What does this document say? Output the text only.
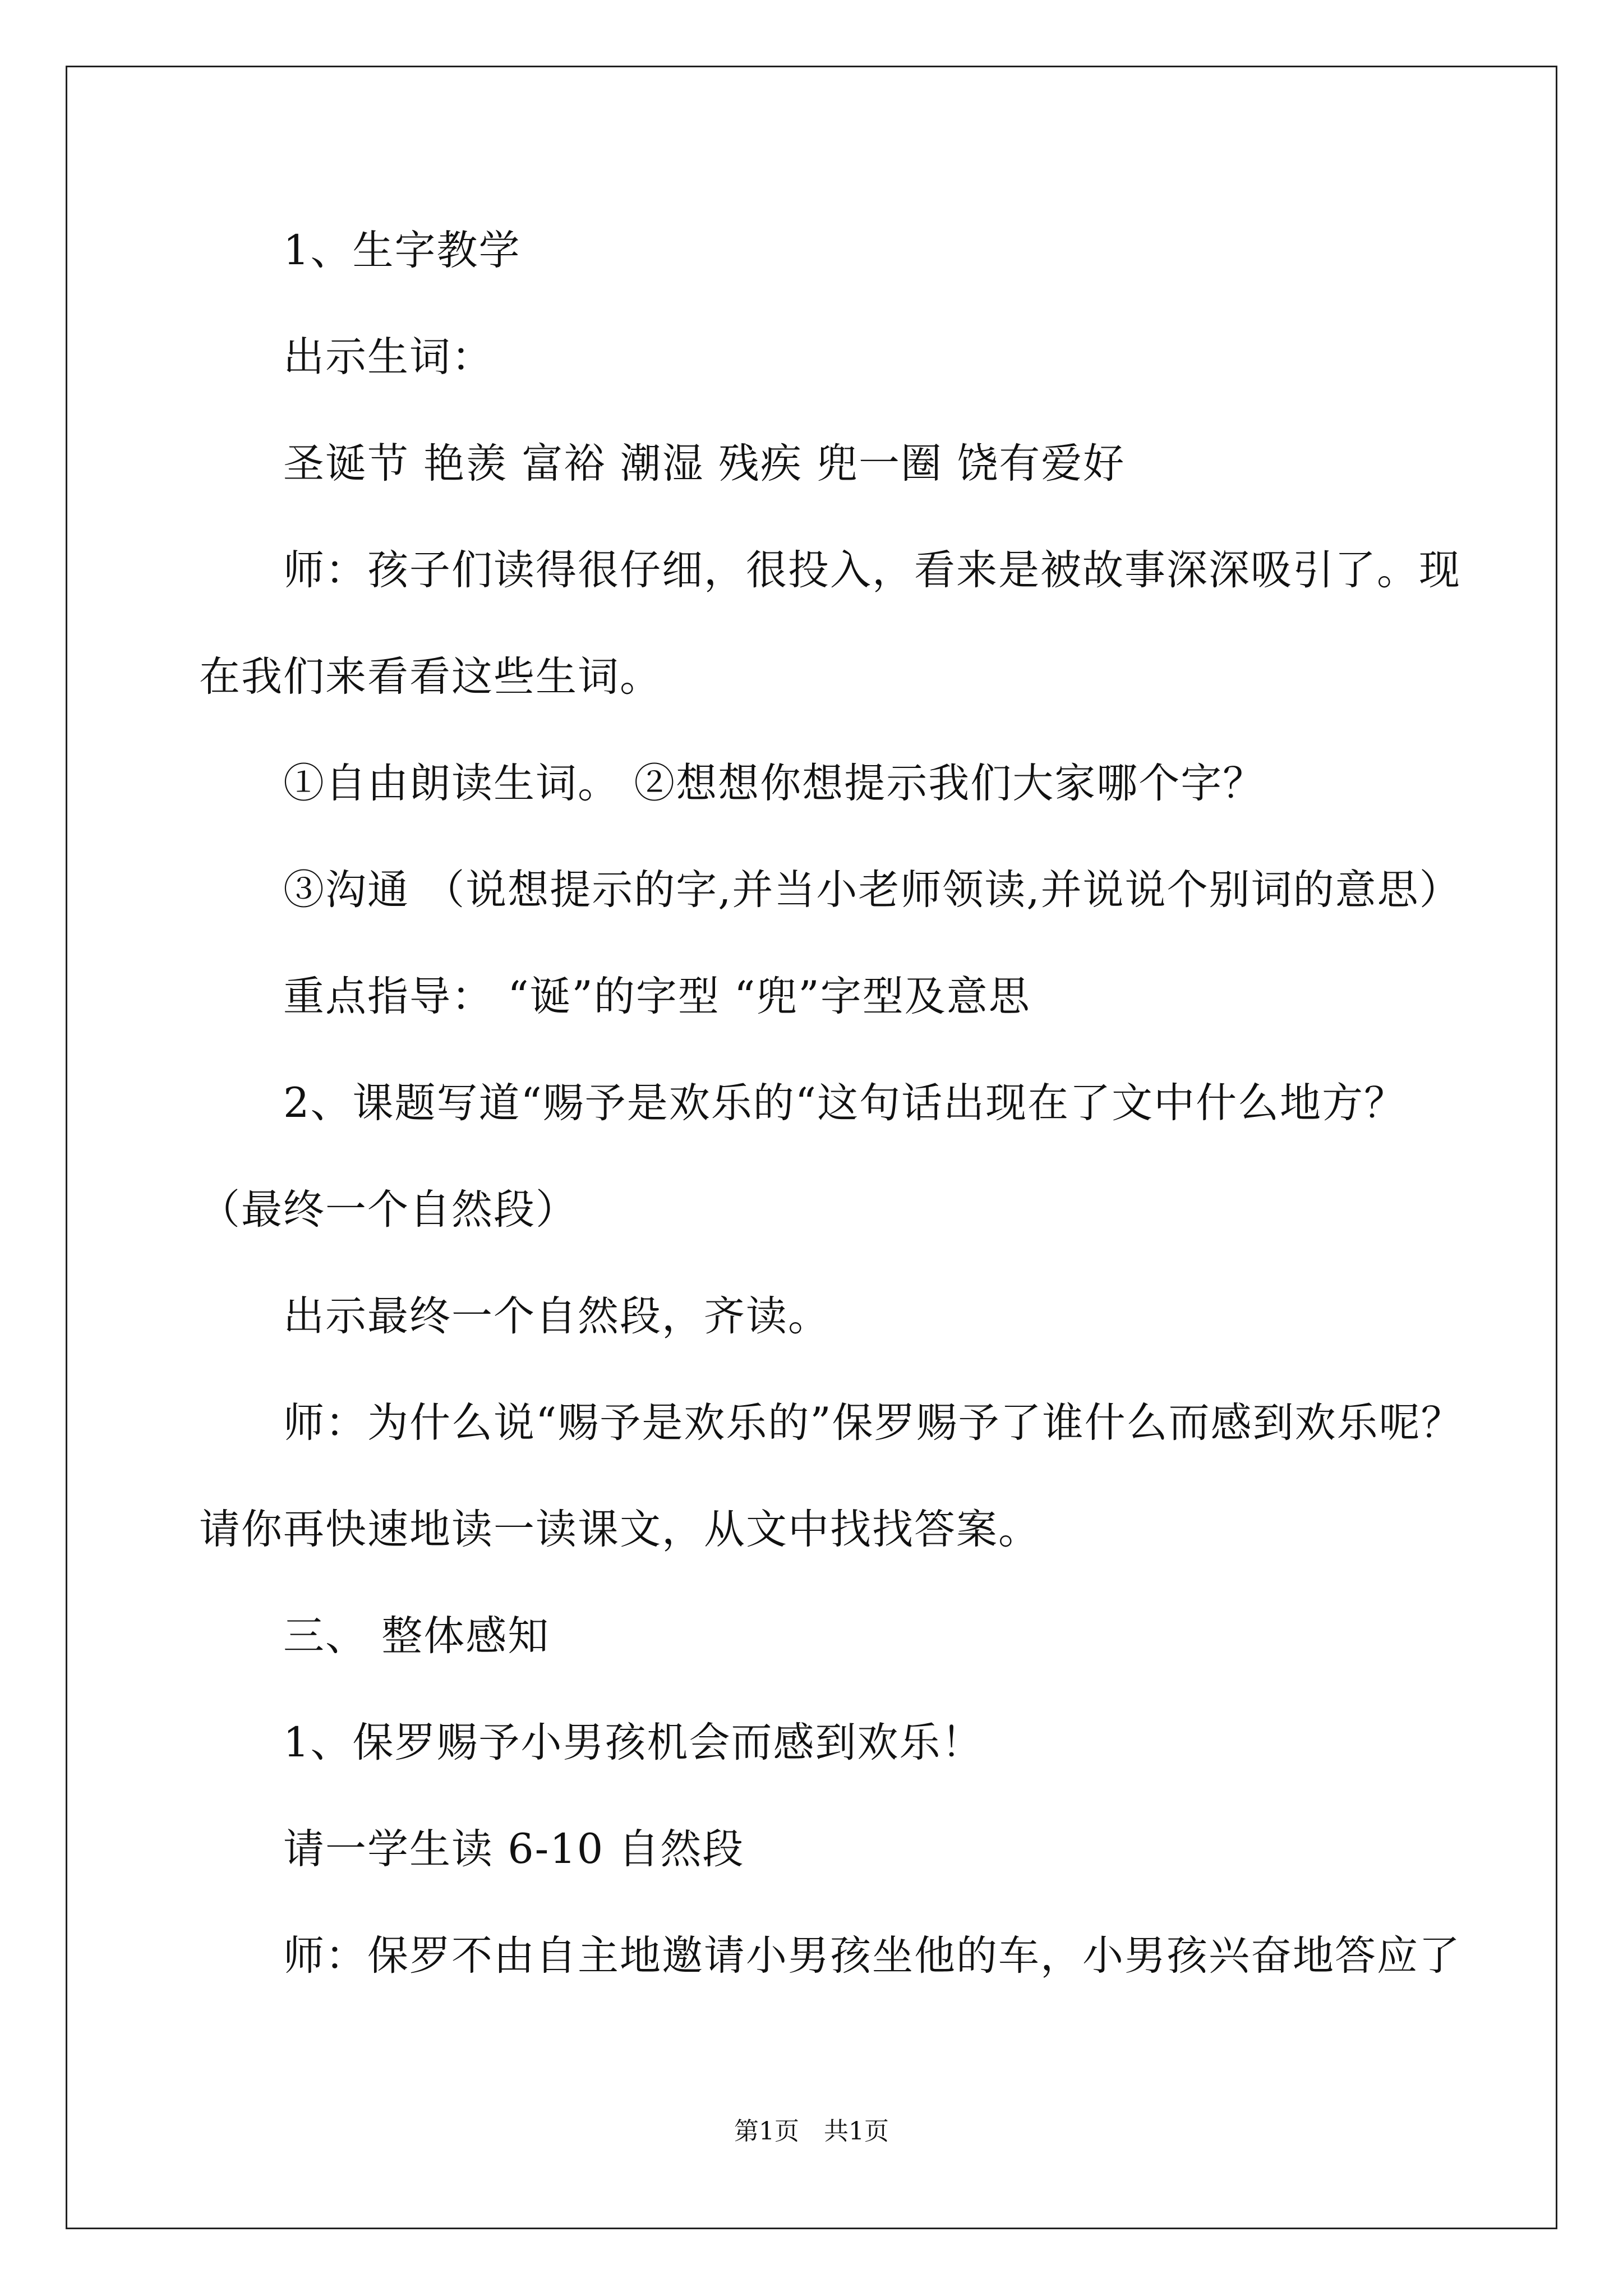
1、生字教学
出示生词：
圣诞节 艳羡 富裕 潮湿 残疾 兜一圈 饶有爱好
师：孩子们读得很仔细，很投入，看来是被故事深深吸引了。现
在我们来看看这些生词。
①自由朗读生词。 ②想想你想提示我们大家哪个字？
③沟通 （说想提示的字,并当小老师领读,并说说个别词的意思）
重点指导： “诞”的字型 “兜”字型及意思
2、课题写道“赐予是欢乐的“这句话出现在了文中什么地方？
（最终一个自然段）
出示最终一个自然段，齐读。
师：为什么说“赐予是欢乐的”保罗赐予了谁什么而感到欢乐呢？
请你再快速地读一读课文，从文中找找答案。
三、 整体感知
1、保罗赐予小男孩机会而感到欢乐！
请一学生读 6-10 自然段
师：保罗不由自主地邀请小男孩坐他的车，小男孩兴奋地答应了
第1页　共1页
